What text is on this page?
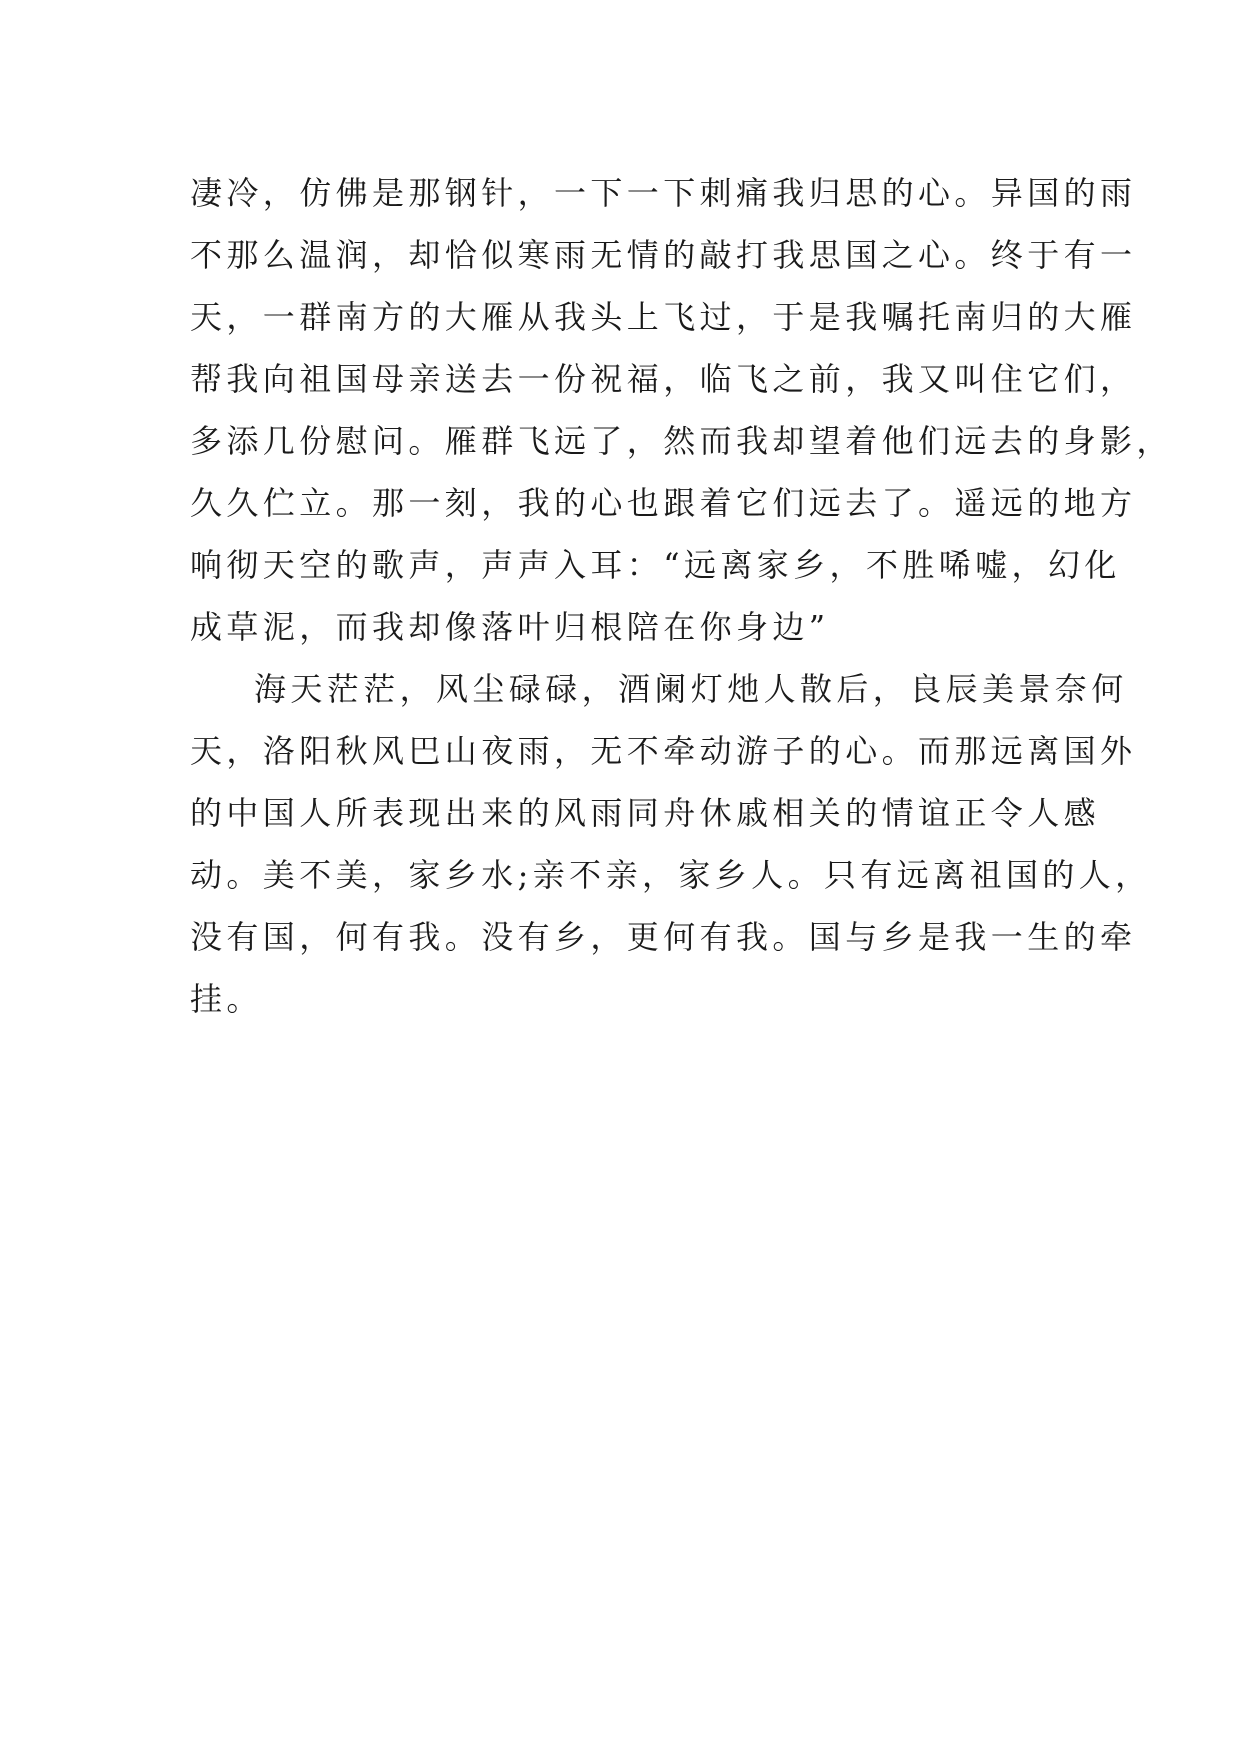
凄冷，仿佛是那钢针，一下一下刺痛我归思的心。异国的雨
不那么温润，却恰似寒雨无情的敲打我思国之心。终于有一
天，一群南方的大雁从我头上飞过，于是我嘱托南归的大雁
帮我向祖国母亲送去一份祝福，临飞之前，我又叫住它们，
多添几份慰问。雁群飞远了，然而我却望着他们远去的身影，
久久伫立。那一刻，我的心也跟着它们远去了。遥远的地方
响彻天空的歌声，声声入耳：“远离家乡，不胜唏嘘，幻化
成草泥，而我却像落叶归根陪在你身边”
海天茫茫，风尘碌碌，酒阑灯灺人散后，良辰美景奈何
天，洛阳秋风巴山夜雨，无不牵动游子的心。而那远离国外
的中国人所表现出来的风雨同舟休戚相关的情谊正令人感
动。美不美，家乡水;亲不亲，家乡人。只有远离祖国的人，
没有国，何有我。没有乡，更何有我。国与乡是我一生的牵
挂。
